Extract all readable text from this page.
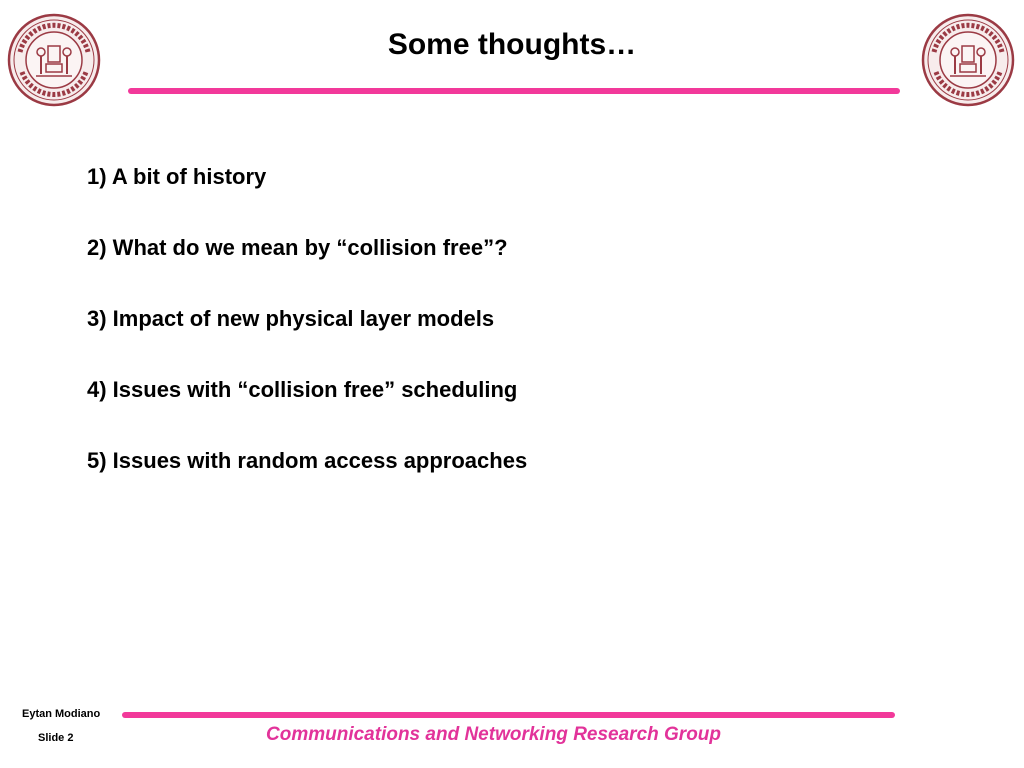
Some thoughts…
1) A bit of history
2) What do we mean by “collision free”?
3) Impact of new physical layer models
4) Issues with “collision free” scheduling
5) Issues with random access approaches
Eytan Modiano
Slide 2	Communications and Networking Research Group
